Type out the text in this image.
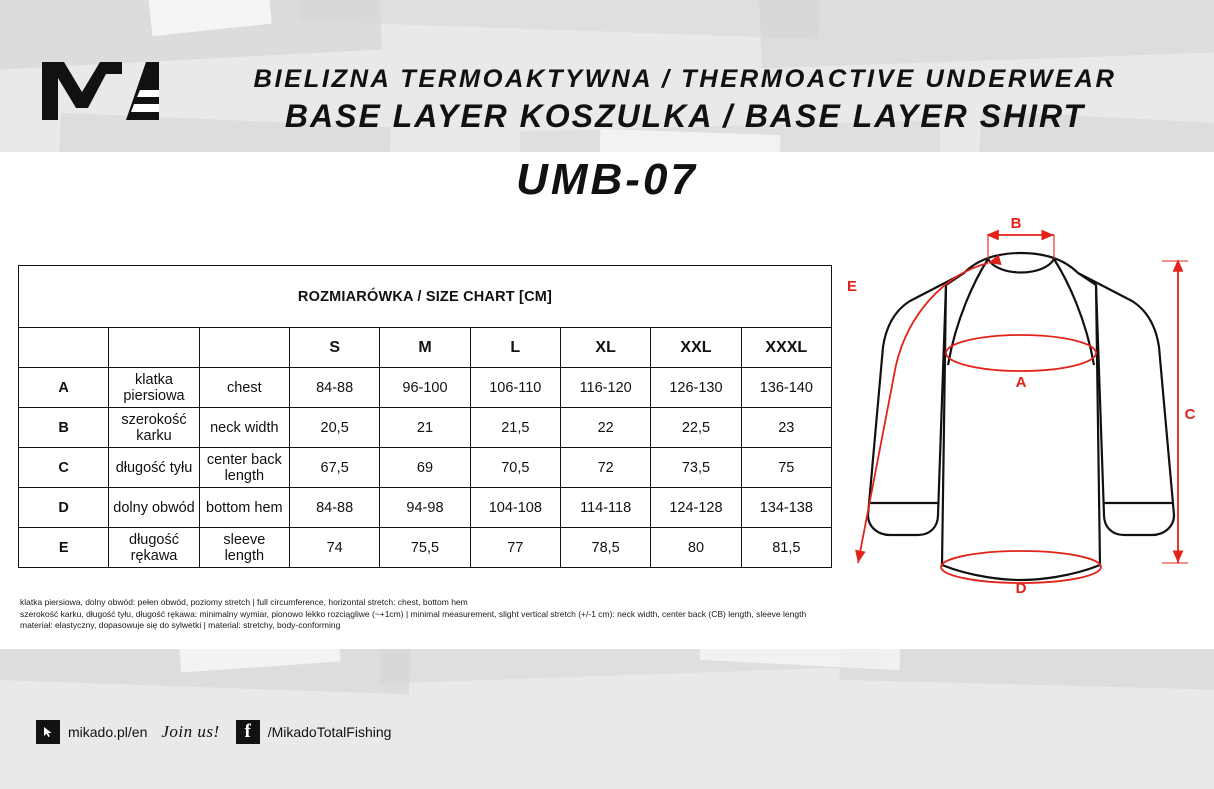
BIELIZNA TERMOAKTYWNA / THERMOACTIVE UNDERWEAR
BASE LAYER KOSZULKA / BASE LAYER SHIRT
UMB-07
ROZMIARÓWKA / SIZE CHART [CM]								
			S	M	L	XL	XXL	XXXL
A	klatka piersiowa	chest	84-88	96-100	106-110	116-120	126-130	136-140
B	szerokość karku	neck width	20,5	21	21,5	22	22,5	23
C	długość tyłu	center back length	67,5	69	70,5	72	73,5	75
D	dolny obwód	bottom hem	84-88	94-98	104-108	114-118	124-128	134-138
E	długość rękawa	sleeve length	74	75,5	77	78,5	80	81,5
klatka piersiowa, dolny obwód: pełen obwód, poziomy stretch | full circumference, horizontal stretch: chest, bottom hem
szerokość karku, długość tyłu, długość rękawa: minimalny wymiar, pionowo lekko rozciągliwe (~+1cm) | minimal measurement, slight vertical stretch (+/-1 cm): neck width, center back (CB) length, sleeve length
materiał: elastyczny, dopasowuje się do sylwetki | material: stretchy, body-conforming
B
A
C
D
E
mikado.pl/en Join us! f /MikadoTotalFishing
